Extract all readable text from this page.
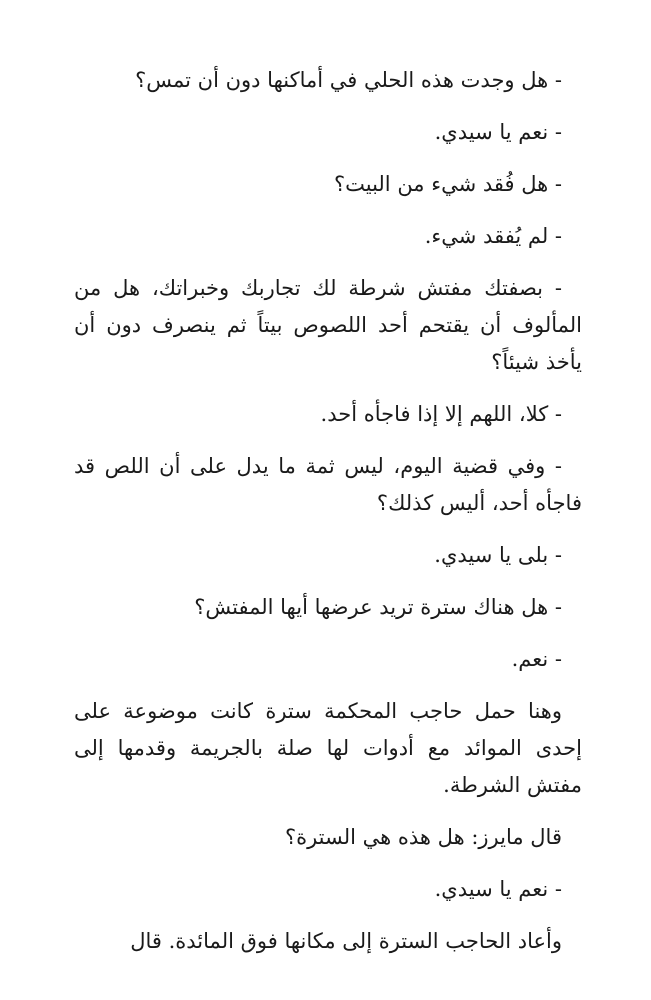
- هل وجدت هذه الحلي في أماكنها دون أن تمس؟

- نعم يا سيدي.

- هل فُقد شيء من البيت؟

- لم يُفقد شيء.

- بصفتك مفتش شرطة لك تجاربك وخبراتك، هل من المألوف أن يقتحم أحد اللصوص بيتاً ثم ينصرف دون أن يأخذ شيئاً؟

- كلا، اللهم إلا إذا فاجأه أحد.

- وفي قضية اليوم، ليس ثمة ما يدل على أن اللص قد فاجأه أحد، أليس كذلك؟

- بلى يا سيدي.

- هل هناك سترة تريد عرضها أيها المفتش؟

- نعم.

وهنا حمل حاجب المحكمة سترة كانت موضوعة على إحدى الموائد مع أدوات لها صلة بالجريمة وقدمها إلى مفتش الشرطة.

قال مايرز: هل هذه هي السترة؟

- نعم يا سيدي.

وأعاد الحاجب السترة إلى مكانها فوق المائدة. قال
